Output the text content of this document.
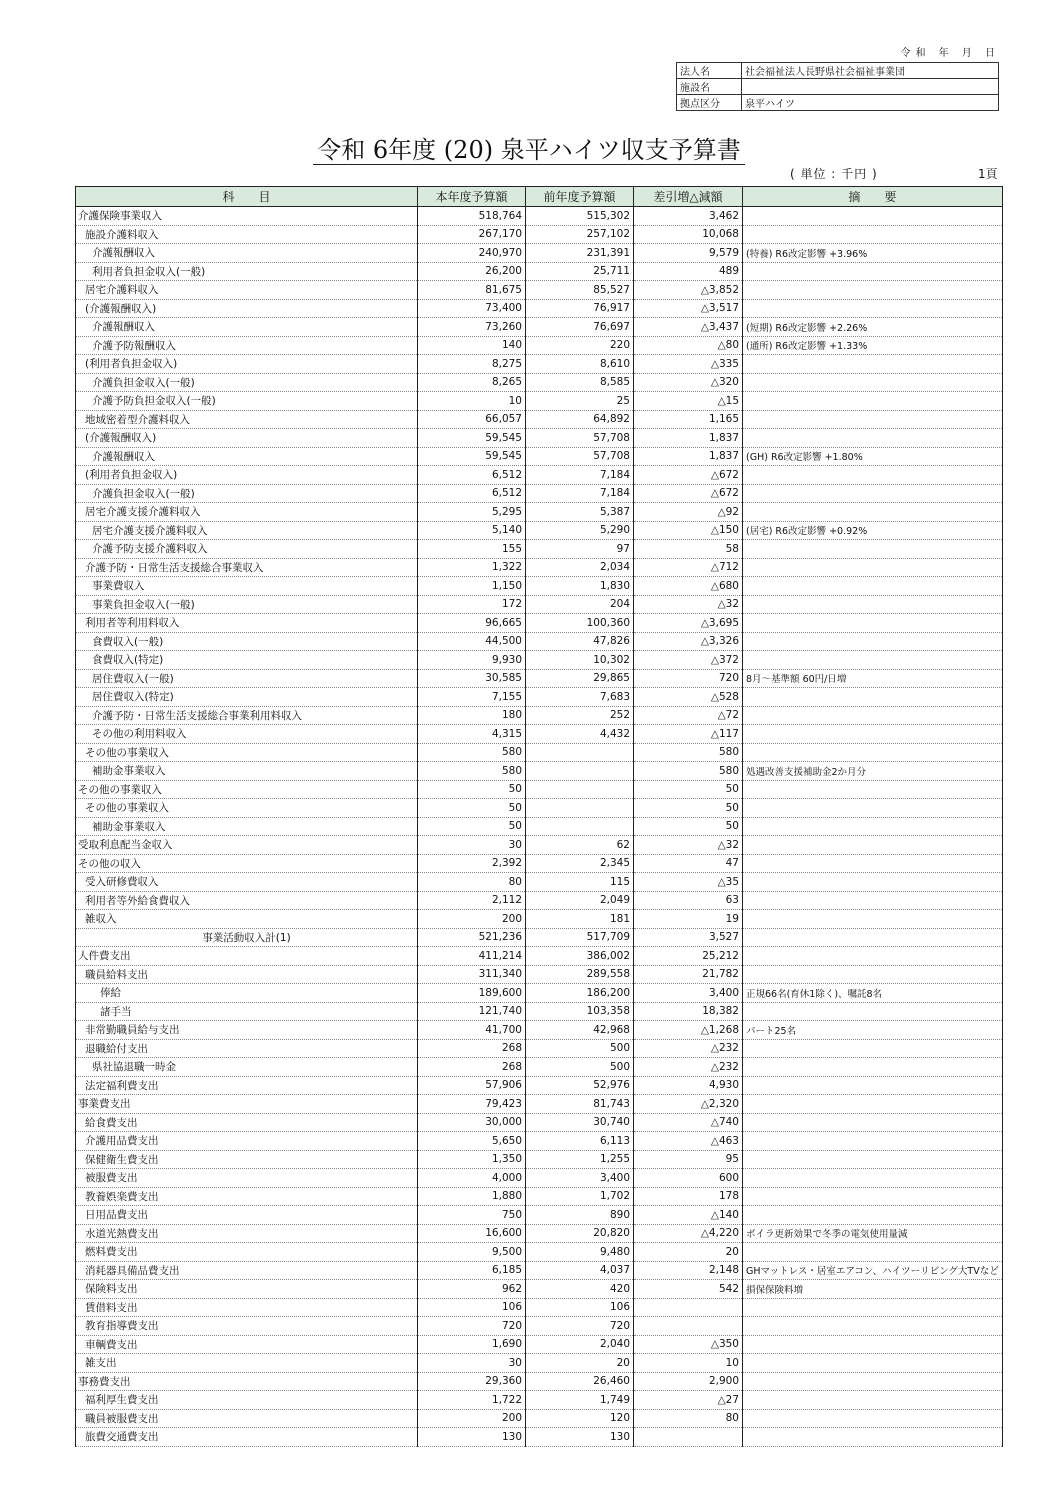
令和 年 月 日
法人名	社会福祉法人長野県社会福祉事業団
施設名	
拠点区分	泉平ハイツ
令和 6年度 (20) 泉平ハイツ収支予算書
( 単位 : 千円 )	1頁
科　　目	本年度予算額	前年度予算額	差引増△減額	摘　　要
介護保険事業収入	518,764	515,302	3,462	
施設介護料収入	267,170	257,102	10,068	
介護報酬収入	240,970	231,391	9,579	(特養) R6改定影響 +3.96%
利用者負担金収入(一般)	26,200	25,711	489	
居宅介護料収入	81,675	85,527	△3,852	
(介護報酬収入)	73,400	76,917	△3,517	
介護報酬収入	73,260	76,697	△3,437	(短期) R6改定影響 +2.26%
介護予防報酬収入	140	220	△80	(通所) R6改定影響 +1.33%
(利用者負担金収入)	8,275	8,610	△335	
介護負担金収入(一般)	8,265	8,585	△320	
介護予防負担金収入(一般)	10	25	△15	
地域密着型介護料収入	66,057	64,892	1,165	
(介護報酬収入)	59,545	57,708	1,837	
介護報酬収入	59,545	57,708	1,837	(GH) R6改定影響 +1.80%
(利用者負担金収入)	6,512	7,184	△672	
介護負担金収入(一般)	6,512	7,184	△672	
居宅介護支援介護料収入	5,295	5,387	△92	
居宅介護支援介護料収入	5,140	5,290	△150	(居宅) R6改定影響 +0.92%
介護予防支援介護料収入	155	97	58	
介護予防・日常生活支援総合事業収入	1,322	2,034	△712	
事業費収入	1,150	1,830	△680	
事業負担金収入(一般)	172	204	△32	
利用者等利用料収入	96,665	100,360	△3,695	
食費収入(一般)	44,500	47,826	△3,326	
食費収入(特定)	9,930	10,302	△372	
居住費収入(一般)	30,585	29,865	720	8月～基準額 60円/日増
居住費収入(特定)	7,155	7,683	△528	
介護予防・日常生活支援総合事業利用料収入	180	252	△72	
その他の利用料収入	4,315	4,432	△117	
その他の事業収入	580		580	
補助金事業収入	580		580	処遇改善支援補助金2か月分
その他の事業収入	50		50	
その他の事業収入	50		50	
補助金事業収入	50		50	
受取利息配当金収入	30	62	△32	
その他の収入	2,392	2,345	47	
受入研修費収入	80	115	△35	
利用者等外給食費収入	2,112	2,049	63	
雑収入	200	181	19	
事業活動収入計(1)	521,236	517,709	3,527	
人件費支出	411,214	386,002	25,212	
職員給料支出	311,340	289,558	21,782	
俸給	189,600	186,200	3,400	正規66名(育休1除く)、嘱託8名
諸手当	121,740	103,358	18,382	
非常勤職員給与支出	41,700	42,968	△1,268	パート25名
退職給付支出	268	500	△232	
県社協退職一時金	268	500	△232	
法定福利費支出	57,906	52,976	4,930	
事業費支出	79,423	81,743	△2,320	
給食費支出	30,000	30,740	△740	
介護用品費支出	5,650	6,113	△463	
保健衛生費支出	1,350	1,255	95	
被服費支出	4,000	3,400	600	
教養娯楽費支出	1,880	1,702	178	
日用品費支出	750	890	△140	
水道光熱費支出	16,600	20,820	△4,220	ボイラ更新効果で冬季の電気使用量減
燃料費支出	9,500	9,480	20	
消耗器具備品費支出	6,185	4,037	2,148	GHマットレス・居室エアコン、ハイツーリビング大TVなど
保険料支出	962	420	542	損保保険料増
賃借料支出	106	106		
教育指導費支出	720	720		
車輌費支出	1,690	2,040	△350	
雑支出	30	20	10	
事務費支出	29,360	26,460	2,900	
福利厚生費支出	1,722	1,749	△27	
職員被服費支出	200	120	80	
旅費交通費支出	130	130		
